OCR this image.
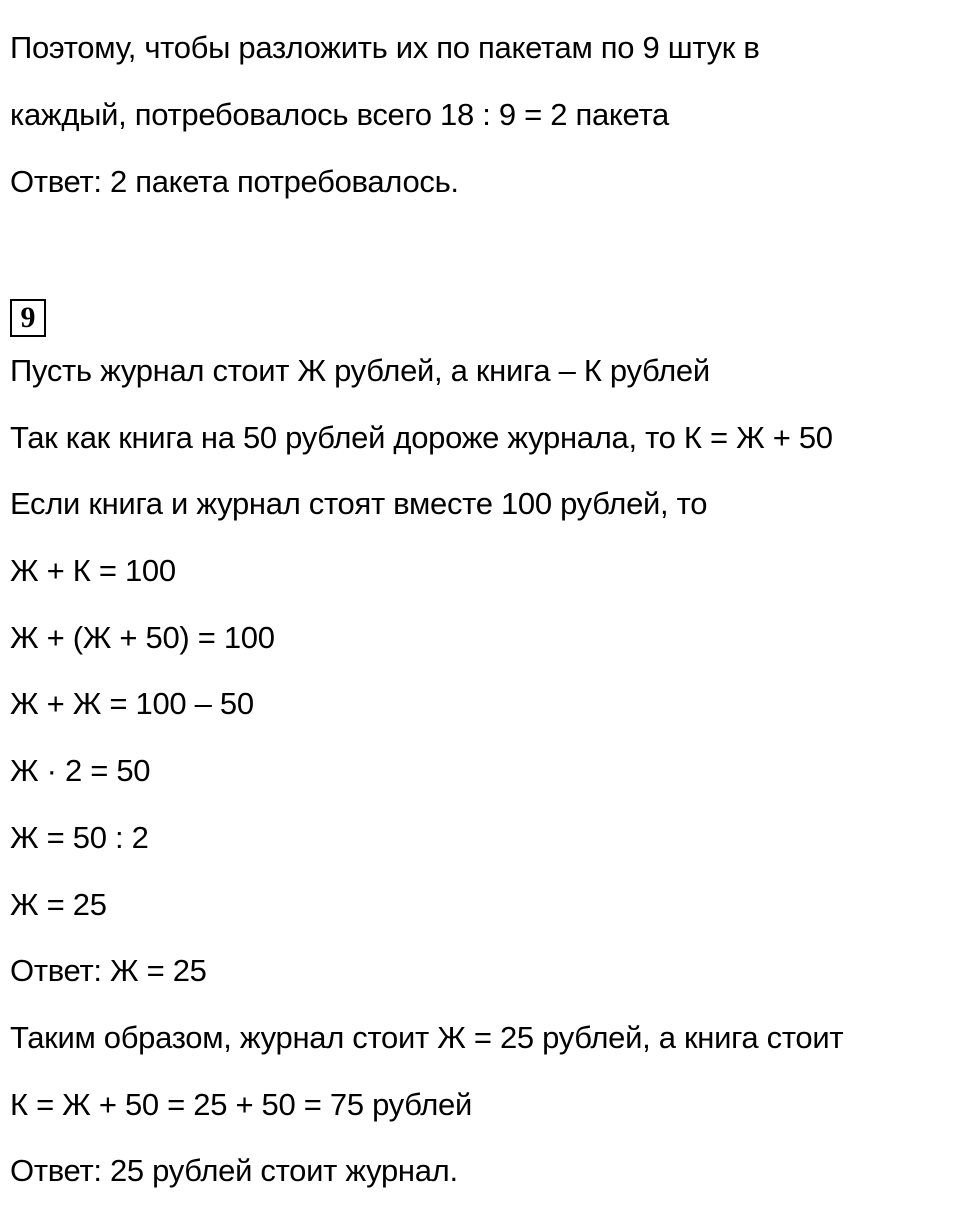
Поэтому, чтобы разложить их по пакетам по 9 штук в
каждый, потребовалось всего 18 : 9 = 2 пакета
Ответ: 2 пакета потребовалось.
9
Пусть журнал стоит Ж рублей, а книга – К рублей
Так как книга на 50 рублей дороже журнала, то К = Ж + 50
Если книга и журнал стоят вместе 100 рублей, то
Ж + К = 100
Ж + (Ж + 50) = 100
Ж + Ж = 100 – 50
Ж · 2 = 50
Ж = 50 : 2
Ж = 25
Ответ: Ж = 25
Таким образом, журнал стоит Ж = 25 рублей, а книга стоит
К = Ж + 50 = 25 + 50 = 75 рублей
Ответ: 25 рублей стоит журнал.
